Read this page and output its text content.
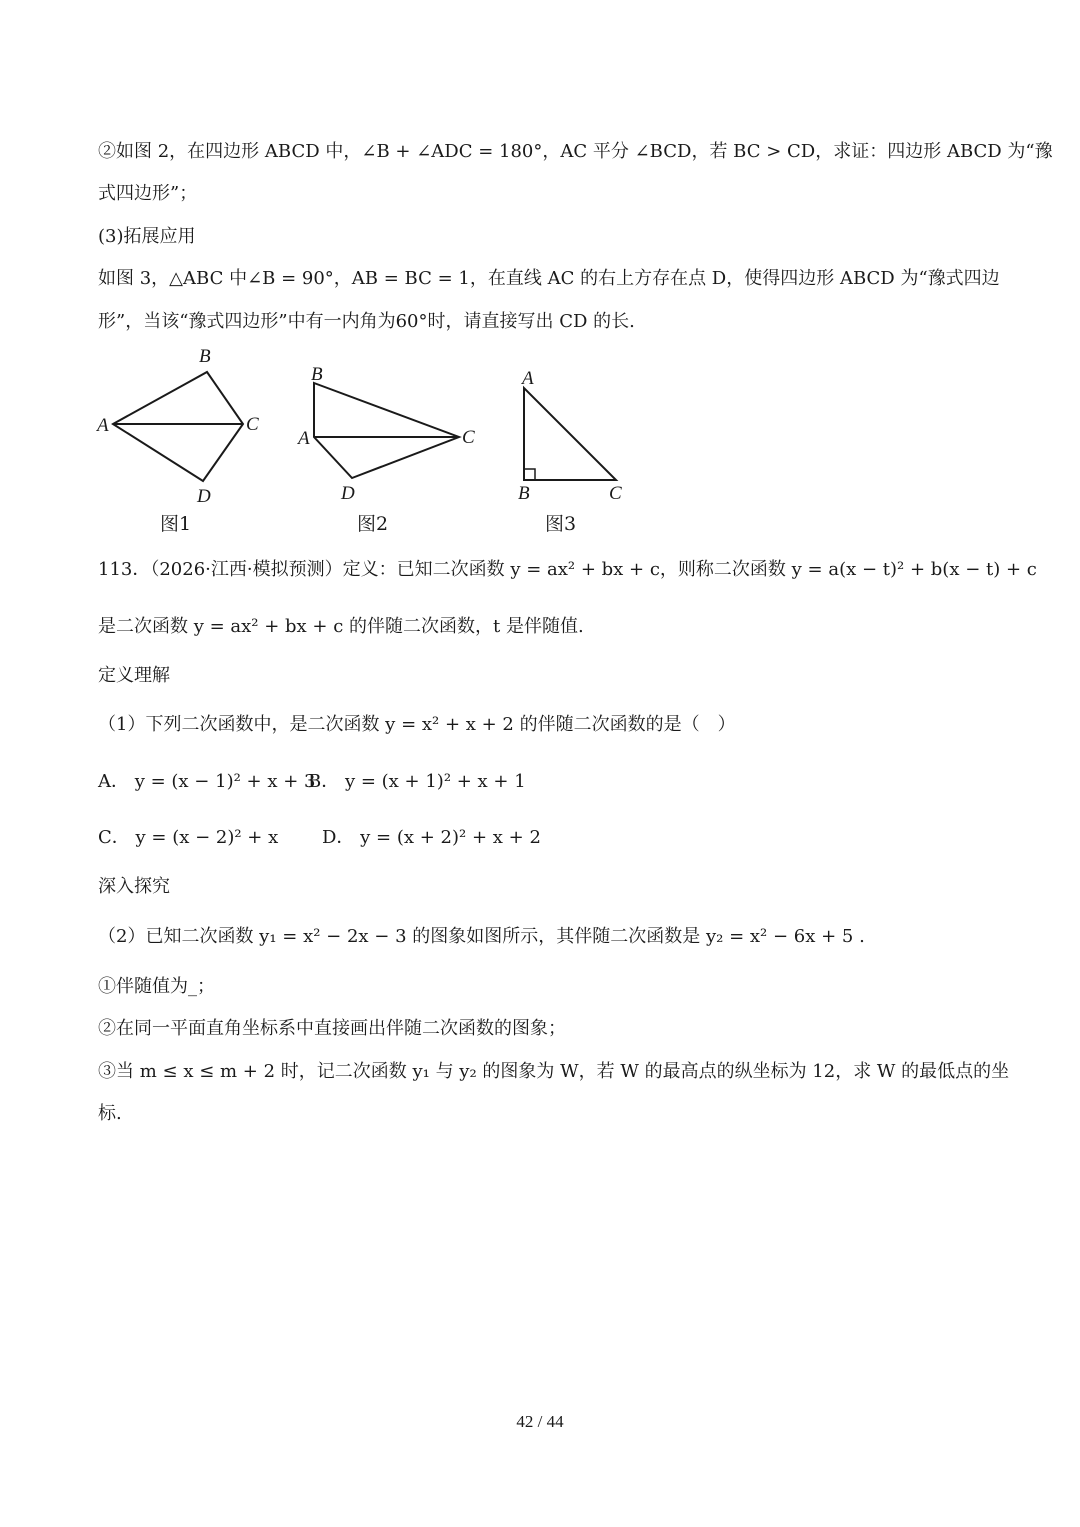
②如图 2，在四边形 ABCD 中，∠B + ∠ADC = 180°，AC 平分 ∠BCD，若 BC > CD，求证：四边形 ABCD 为“豫
式四边形”；
(3)拓展应用
如图 3，△ABC 中∠B = 90°，AB = BC = 1，在直线 AC 的右上方存在点 D，使得四边形 ABCD 为“豫式四边
形”，当该“豫式四边形”中有一内角为60°时，请直接写出 CD 的长.
B
A	C
D
图1
B
A	C
D
图2
A
B	C
图3
113．（2026·江西·模拟预测）定义：已知二次函数 y = ax² + bx + c，则称二次函数 y = a(x − t)² + b(x − t) + c
是二次函数 y = ax² + bx + c 的伴随二次函数，t 是伴随值.
定义理解
（1）下列二次函数中，是二次函数 y = x² + x + 2 的伴随二次函数的是（　）
A． y = (x − 1)² + x + 3
B． y = (x + 1)² + x + 1
C． y = (x − 2)² + x D． y = (x + 2)² + x + 2
深入探究
（2）已知二次函数 y₁ = x² − 2x − 3 的图象如图所示，其伴随二次函数是 y₂ = x² − 6x + 5 .
①伴随值为_；
②在同一平面直角坐标系中直接画出伴随二次函数的图象；
③当 m ≤ x ≤ m + 2 时，记二次函数 y₁ 与 y₂ 的图象为 W，若 W 的最高点的纵坐标为 12，求 W 的最低点的坐
标.
42 / 44
